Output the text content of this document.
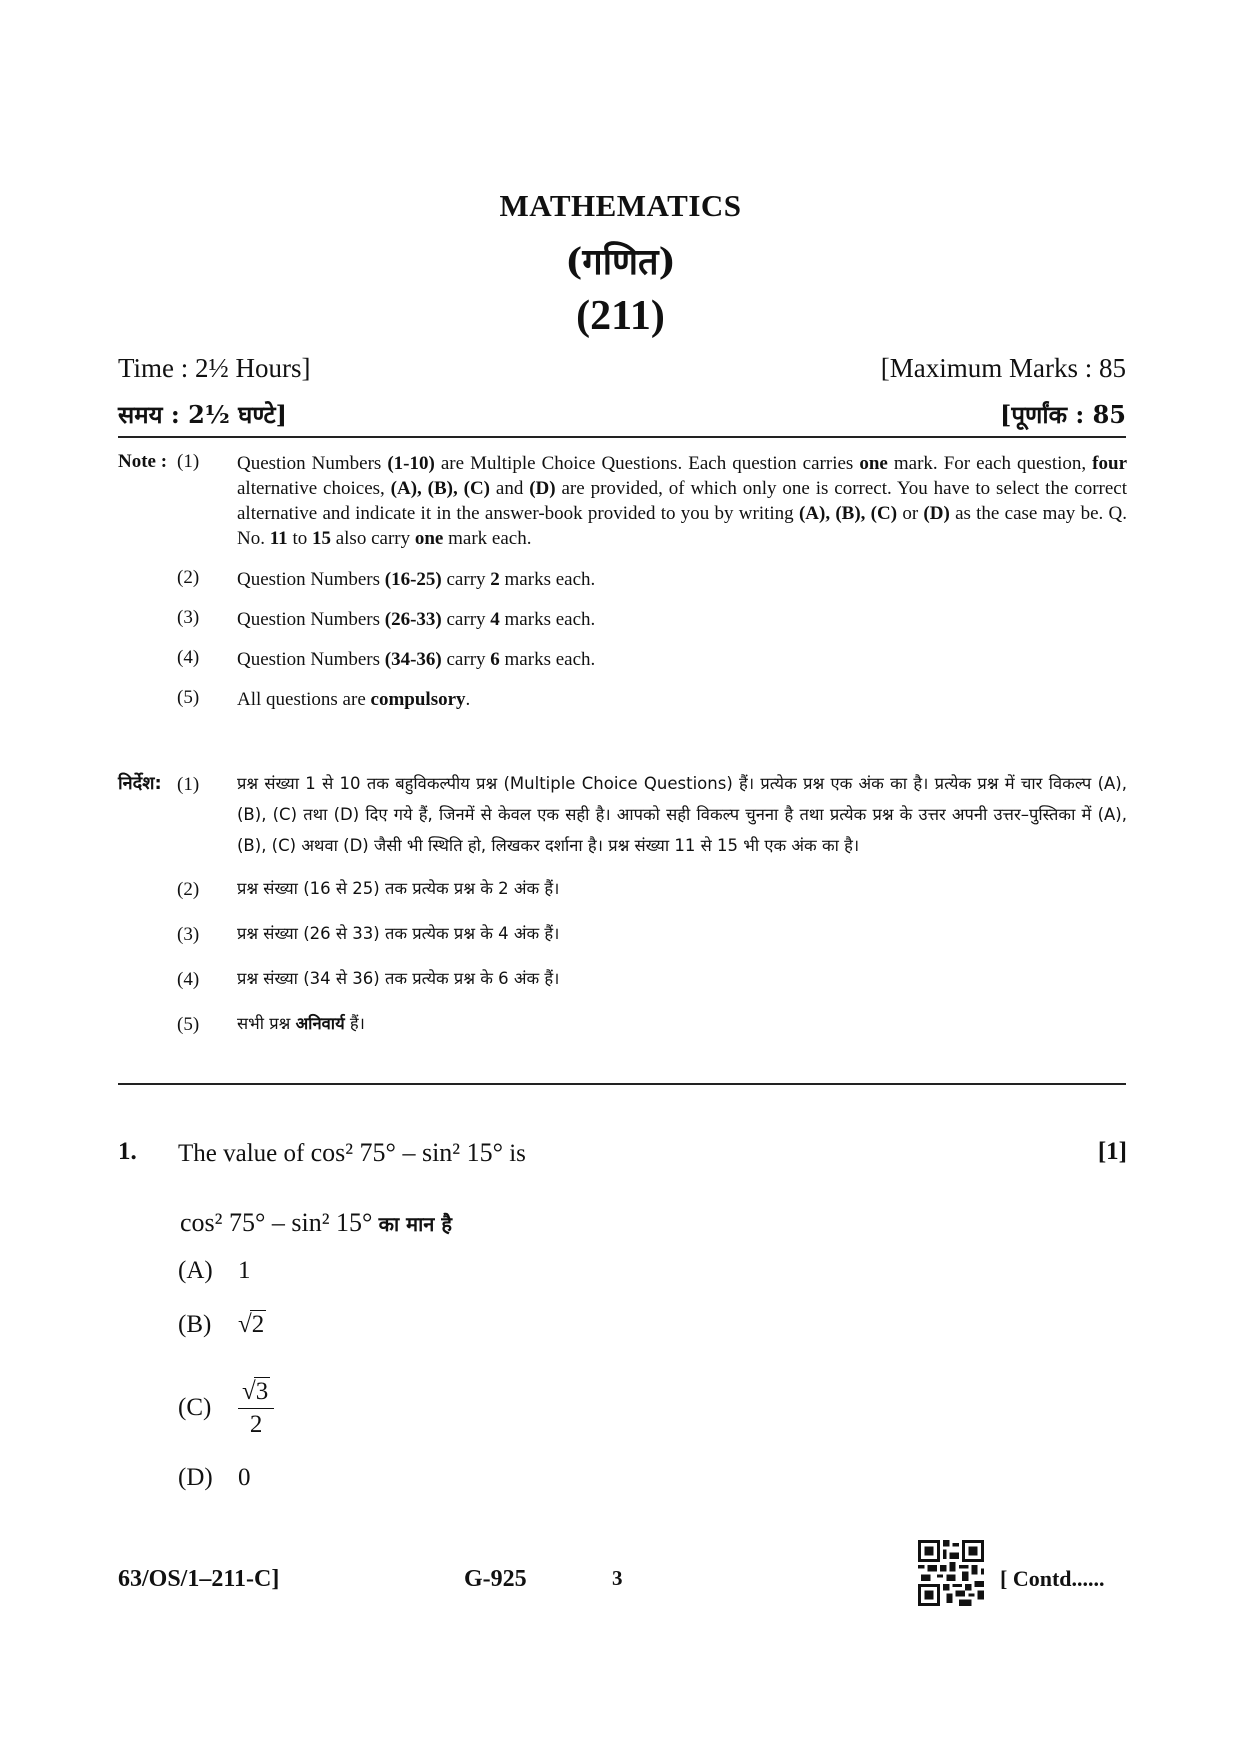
MATHEMATICS
(गणित)
(211)
Time : 2½ Hours]	[Maximum Marks : 85
समय : 2½ घण्टे]	[पूर्णांक : 85
Note : (1) Question Numbers (1-10) are Multiple Choice Questions. Each question carries one mark. For each question, four alternative choices, (A), (B), (C) and (D) are provided, of which only one is correct. You have to select the correct alternative and indicate it in the answer-book provided to you by writing (A), (B), (C) or (D) as the case may be. Q. No. 11 to 15 also carry one mark each.
(2) Question Numbers (16-25) carry 2 marks each.
(3) Question Numbers (26-33) carry 4 marks each.
(4) Question Numbers (34-36) carry 6 marks each.
(5) All questions are compulsory.
निर्देश: (1) प्रश्न संख्या 1 से 10 तक बहुविकल्पीय प्रश्न (Multiple Choice Questions) हैं। प्रत्येक प्रश्न एक अंक का है। प्रत्येक प्रश्न में चार विकल्प (A), (B), (C) तथा (D) दिए गये हैं, जिनमें से केवल एक सही है। आपको सही विकल्प चुनना है तथा प्रत्येक प्रश्न के उत्तर अपनी उत्तर–पुस्तिका में (A), (B), (C) अथवा (D) जैसी भी स्थिति हो, लिखकर दर्शाना है। प्रश्न संख्या 11 से 15 भी एक अंक का है।
(2) प्रश्न संख्या (16 से 25) तक प्रत्येक प्रश्न के 2 अंक हैं।
(3) प्रश्न संख्या (26 से 33) तक प्रत्येक प्रश्न के 4 अंक हैं।
(4) प्रश्न संख्या (34 से 36) तक प्रत्येक प्रश्न के 6 अंक हैं।
(5) सभी प्रश्न अनिवार्य हैं।
1. The value of cos² 75° – sin² 15° is	[1]
cos² 75° – sin² 15° का मान है
(A) 1
(B) √2
$(C) \frac{√3}{2}$
(D) 0
63/OS/1–211-C]	G-925	3	[ Contd......
